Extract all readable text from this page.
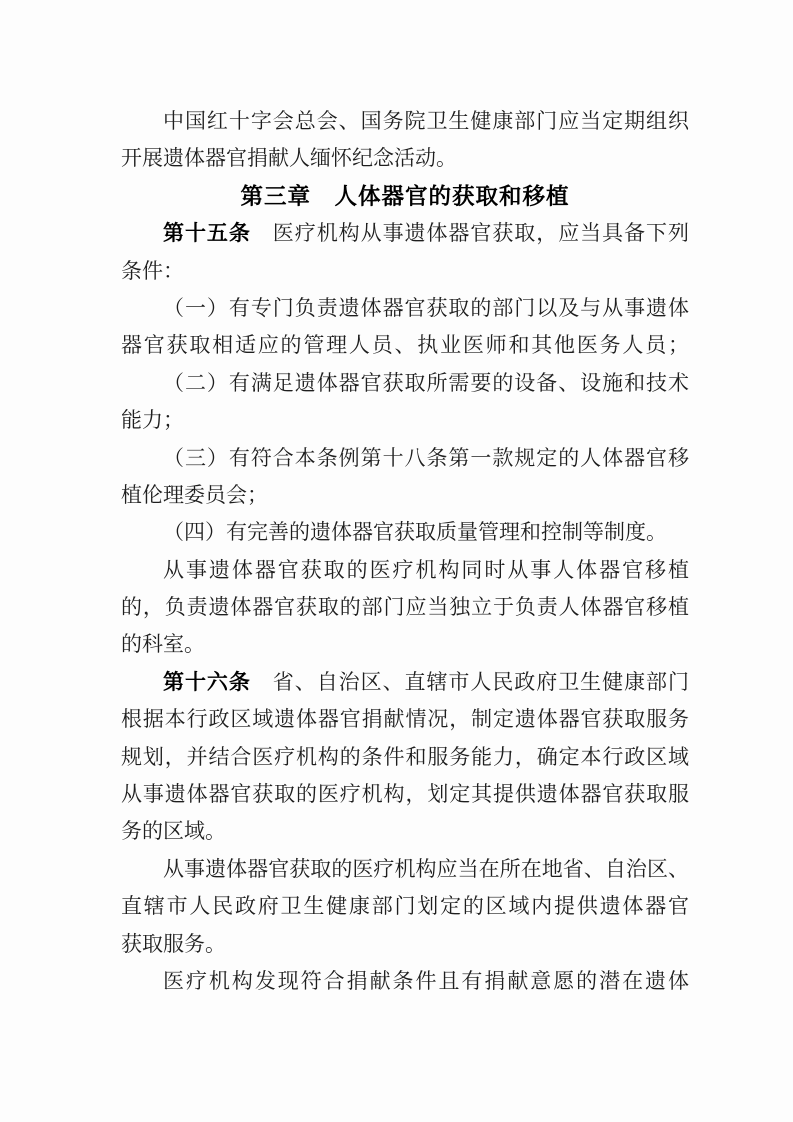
中国红十字会总会、国务院卫生健康部门应当定期组织
开展遗体器官捐献人缅怀纪念活动。
第三章　人体器官的获取和移植
第十五条　医疗机构从事遗体器官获取，应当具备下列
条件：
（一）有专门负责遗体器官获取的部门以及与从事遗体
器官获取相适应的管理人员、执业医师和其他医务人员；
（二）有满足遗体器官获取所需要的设备、设施和技术
能力；
（三）有符合本条例第十八条第一款规定的人体器官移
植伦理委员会；
（四）有完善的遗体器官获取质量管理和控制等制度。
从事遗体器官获取的医疗机构同时从事人体器官移植
的，负责遗体器官获取的部门应当独立于负责人体器官移植
的科室。
第十六条　省、自治区、直辖市人民政府卫生健康部门
根据本行政区域遗体器官捐献情况，制定遗体器官获取服务
规划，并结合医疗机构的条件和服务能力，确定本行政区域
从事遗体器官获取的医疗机构，划定其提供遗体器官获取服
务的区域。
从事遗体器官获取的医疗机构应当在所在地省、自治区、
直辖市人民政府卫生健康部门划定的区域内提供遗体器官
获取服务。
医疗机构发现符合捐献条件且有捐献意愿的潜在遗体
